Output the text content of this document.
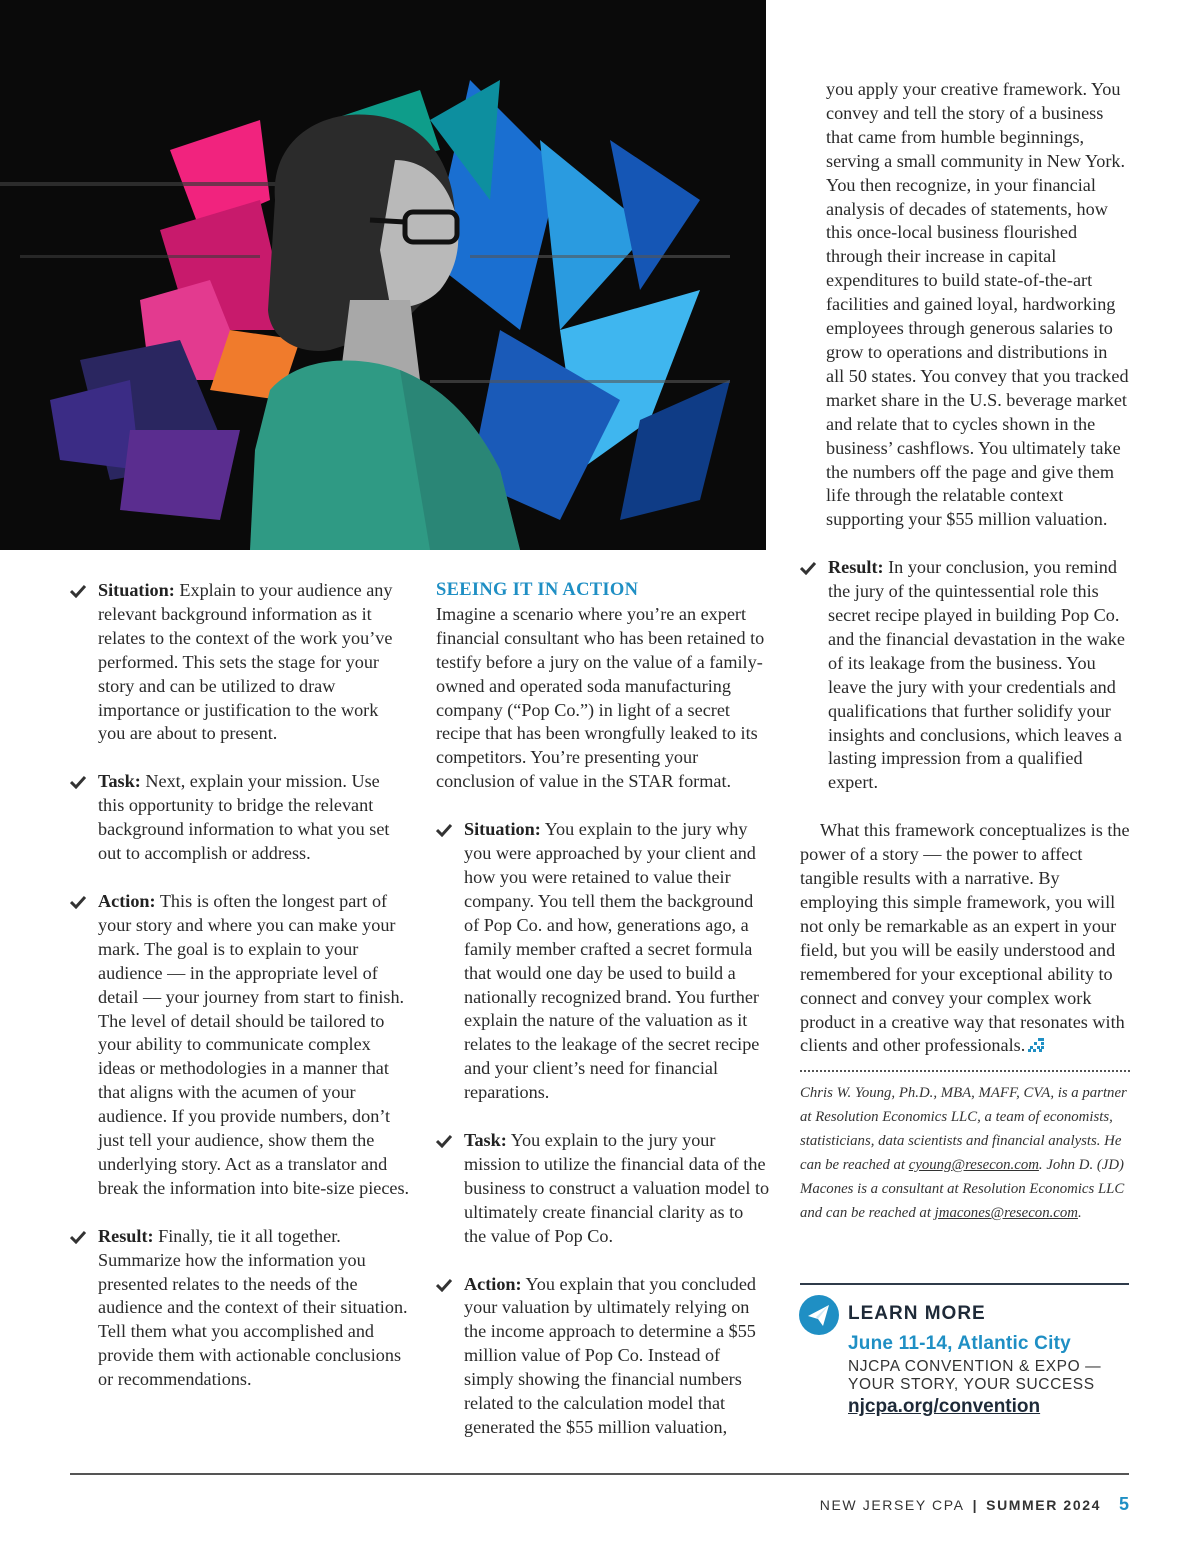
Situation: Explain to your audience any relevant background information as it relates to the context of the work you’ve performed. This sets the stage for your story and can be utilized to draw importance or justification to the work you are about to present.
Task: Next, explain your mission. Use this opportunity to bridge the relevant background information to what you set out to accomplish or address.
Action: This is often the longest part of your story and where you can make your mark. The goal is to explain to your audience — in the appropriate level of detail — your journey from start to finish. The level of detail should be tailored to your ability to communicate complex ideas or methodologies in a manner that that aligns with the acumen of your audience. If you provide numbers, don’t just tell your audience, show them the underlying story. Act as a translator and break the information into bite-size pieces.
Result: Finally, tie it all together. Summarize how the information you presented relates to the needs of the audience and the context of their situation. Tell them what you accomplished and provide them with actionable conclusions or recommendations.
SEEING IT IN ACTION

Imagine a scenario where you’re an expert financial consultant who has been retained to testify before a jury on the value of a family-owned and operated soda manufacturing company (“Pop Co.”) in light of a secret recipe that has been wrongfully leaked to its competitors. You’re presenting your conclusion of value in the STAR format.

Situation: You explain to the jury why you were approached by your client and how you were retained to value their company. You tell them the background of Pop Co. and how, generations ago, a family member crafted a secret formula that would one day be used to build a nationally recognized brand. You further explain the nature of the valuation as it relates to the leakage of the secret recipe and your client’s need for financial reparations.
Task: You explain to the jury your mission to utilize the financial data of the business to construct a valuation model to ultimately create financial clarity as to the value of Pop Co.
Action: You explain that you concluded your valuation by ultimately relying on the income approach to determine a $55 million value of Pop Co. Instead of simply showing the financial numbers related to the calculation model that generated the $55 million valuation,

you apply your creative framework. You convey and tell the story of a business that came from humble beginnings, serving a small community in New York. You then recognize, in your financial analysis of decades of statements, how this once-local business flourished through their increase in capital expenditures to build state-of-the-art facilities and gained loyal, hardworking employees through generous salaries to grow to operations and distributions in all 50 states. You convey that you tracked market share in the U.S. beverage market and relate that to cycles shown in the business’ cashflows. You ultimately take the numbers off the page and give them life through the relatable context supporting your $55 million valuation.

Result: In your conclusion, you remind the jury of the quintessential role this secret recipe played in building Pop Co. and the financial devastation in the wake of its leakage from the business. You leave the jury with your credentials and qualifications that further solidify your insights and conclusions, which leaves a lasting impression from a qualified expert.

What this framework conceptualizes is the power of a story — the power to affect tangible results with a narrative. By employing this simple framework, you will not only be remarkable as an expert in your field, but you will be easily understood and remembered for your exceptional ability to connect and convey your complex work product in a creative way that resonates with clients and other professionals.

Chris W. Young, Ph.D., MBA, MAFF, CVA, is a partner at Resolution Economics LLC, a team of economists, statisticians, data scientists and financial analysts. He can be reached at cyoung@resecon.com. John D. (JD) Macones is a consultant at Resolution Economics LLC and can be reached at jmacones@resecon.com.

LEARN MORE
June 11-14, Atlantic City
NJCPA CONVENTION & EXPO —
YOUR STORY, YOUR SUCCESS
njcpa.org/convention
NEW JERSEY CPA | SUMMER 2024 5
